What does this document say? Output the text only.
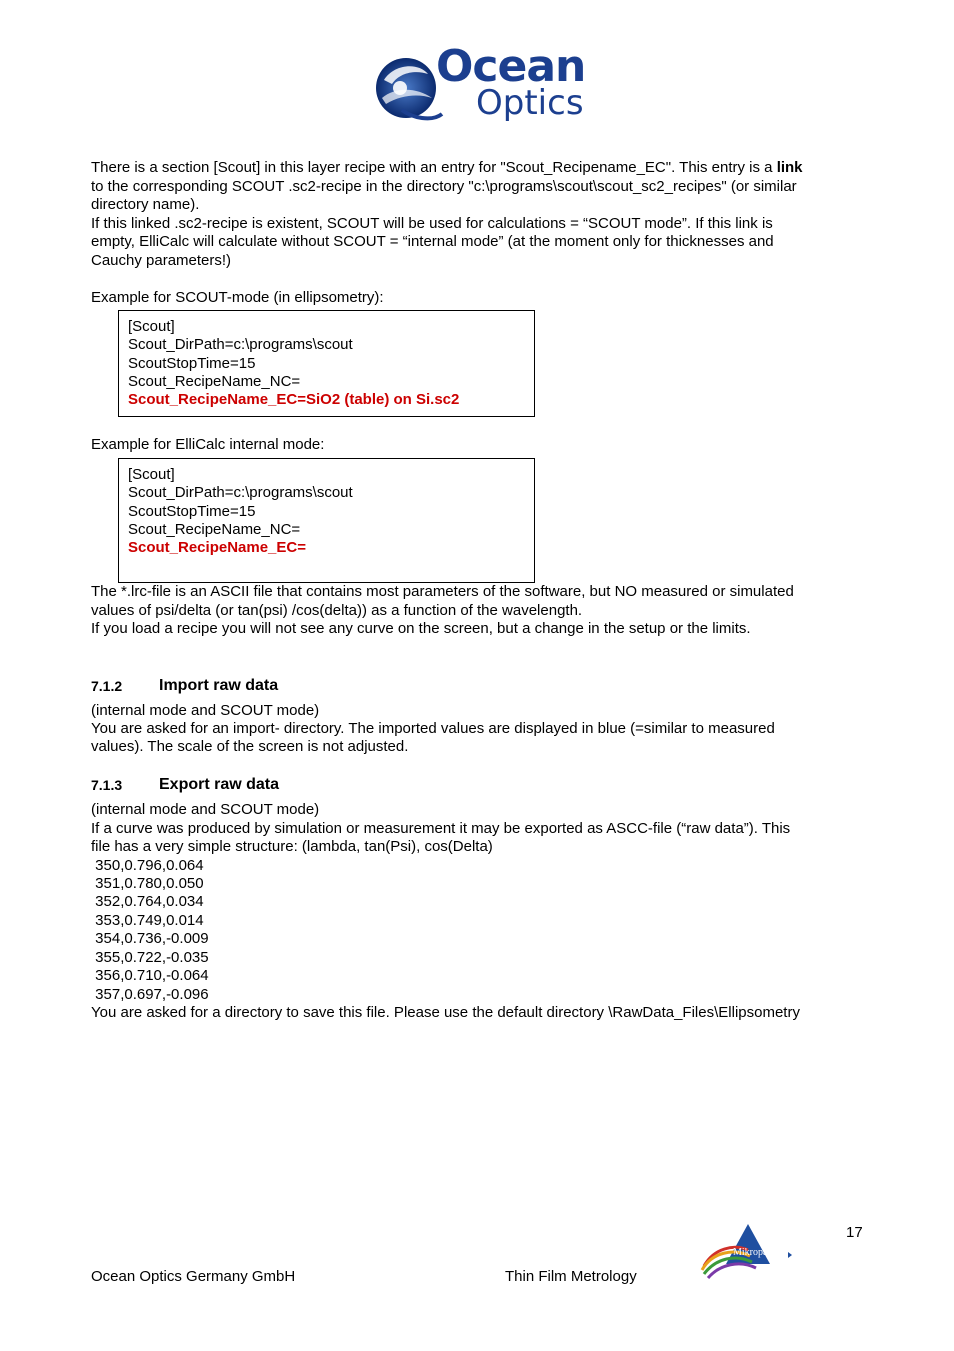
Ocean
Optics
There is a section [Scout] in this layer recipe with an entry for "Scout_Recipename_EC". This entry is a link
to the corresponding SCOUT .sc2-recipe in the directory "c:\programs\scout\scout_sc2_recipes" (or similar
directory name).
If this linked .sc2-recipe is existent, SCOUT will be used for calculations = “SCOUT mode”. If this link is
empty, ElliCalc will calculate without SCOUT = “internal mode” (at the moment only for thicknesses and
Cauchy parameters!)
Example for SCOUT-mode (in ellipsometry):
[Scout]
Scout_DirPath=c:\programs\scout
ScoutStopTime=15
Scout_RecipeName_NC=
Scout_RecipeName_EC=SiO2 (table) on Si.sc2
Example for ElliCalc internal mode:
[Scout]
Scout_DirPath=c:\programs\scout
ScoutStopTime=15
Scout_RecipeName_NC=
Scout_RecipeName_EC=
The *.lrc-file is an ASCII file that contains most parameters of the software, but NO measured or simulated
values of psi/delta (or tan(psi) /cos(delta)) as a function of the wavelength.
If you load a recipe you will not see any curve on the screen, but a change in the setup or the limits.
7.1.2 Import raw data
(internal mode and SCOUT mode)
You are asked for an import- directory. The imported values are displayed in blue (=similar to measured
values). The scale of the screen is not adjusted.
7.1.3 Export raw data
(internal mode and SCOUT mode)
If a curve was produced by simulation or measurement it may be exported as ASCC-file (“raw data”). This
file has a very simple structure: (lambda, tan(Psi), cos(Delta)
350,0.796,0.064
351,0.780,0.050
352,0.764,0.034
353,0.749,0.014
354,0.736,-0.009
355,0.722,-0.035
356,0.710,-0.064
357,0.697,-0.096
You are asked for a directory to save this file. Please use the default directory \RawData_Files\Ellipsometry
17
Ocean Optics Germany GmbH	Thin Film Metrology
Mikropack
